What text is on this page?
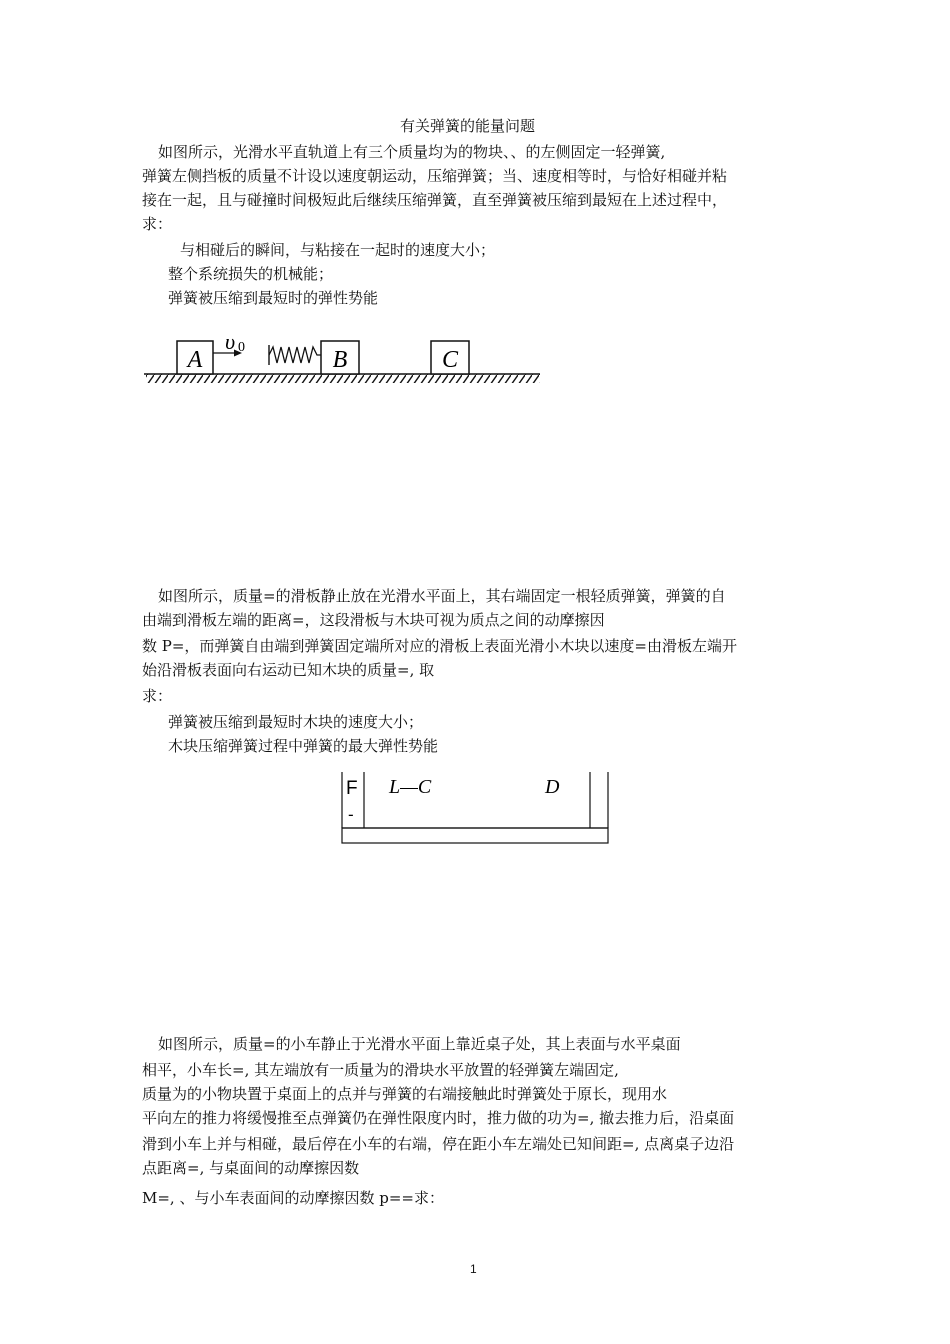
有关弹簧的能量问题
如图所示，光滑水平直轨道上有三个质量均为的物块、、的左侧固定一轻弹簧,
弹簧左侧挡板的质量不计设以速度朝运动，压缩弹簧；当、速度相等时，与恰好相碰并粘
接在一起，且与碰撞时间极短此后继续压缩弹簧，直至弹簧被压缩到最短在上述过程中，
求：
与相碰后的瞬间，与粘接在一起时的速度大小；
整个系统损失的机械能；
弹簧被压缩到最短时的弹性势能
A
υ 0	B	C
如图所示，质量=的滑板静止放在光滑水平面上，其右端固定一根轻质弹簧，弹簧的自
由端到滑板左端的距离=，这段滑板与木块可视为质点之间的动摩擦因
数 P=，而弹簧自由端到弹簧固定端所对应的滑板上表面光滑小木块以速度=由滑板左端开
始沿滑板表面向右运动已知木块的质量=, 取
求：
弹簧被压缩到最短时木块的速度大小；
木块压缩弹簧过程中弹簧的最大弹性势能
F
-
L—C	D
如图所示，质量=的小车静止于光滑水平面上靠近桌子处，其上表面与水平桌面
相平，小车长=, 其左端放有一质量为的滑块水平放置的轻弹簧左端固定,
质量为的小物块置于桌面上的点并与弹簧的右端接触此时弹簧处于原长，现用水
平向左的推力将缓慢推至点弹簧仍在弹性限度内时，推力做的功为=, 撤去推力后，沿桌面
滑到小车上并与相碰，最后停在小车的右端，停在距小车左端处已知间距=, 点离桌子边沿
点距离=, 与桌面间的动摩擦因数
M=, 、与小车表面间的动摩擦因数 p==求：
1
